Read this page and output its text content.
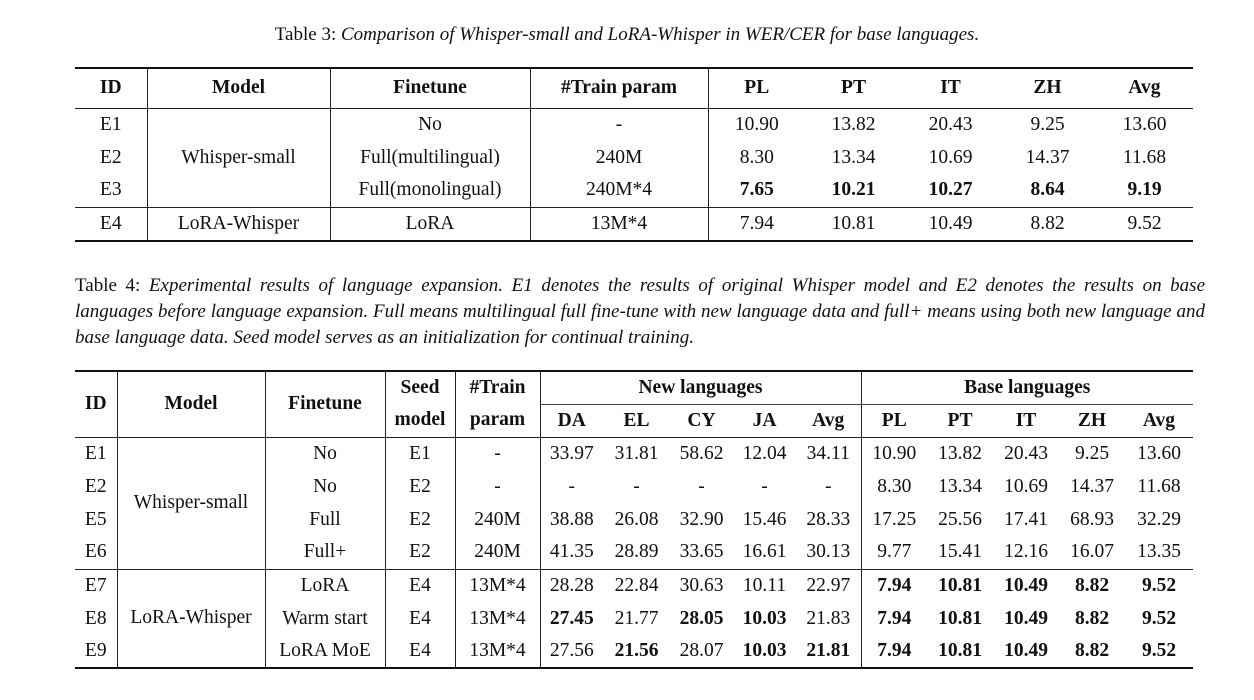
Table 3: Comparison of Whisper-small and LoRA-Whisper in WER/CER for base languages.
ID	Model	Finetune	#Train param	PL	PT	IT	ZH	Avg
E1	Whisper-small	No	-	10.90	13.82	20.43	9.25	13.60
E2		Full(multilingual)	240M	8.30	13.34	10.69	14.37	11.68
E3		Full(monolingual)	240M*4	7.65	10.21	10.27	8.64	9.19
E4	LoRA-Whisper	LoRA	13M*4	7.94	10.81	10.49	8.82	9.52
Table 4: Experimental results of language expansion. E1 denotes the results of original Whisper model and E2 denotes the results on base languages before language expansion. Full means multilingual full fine-tune with new language data and full+ means using both new language and base language data. Seed model serves as an initialization for continual training.
ID	Model	Finetune	Seed	#Train	New languages					Base languages				
			model	param	DA	EL	CY	JA	Avg	PL	PT	IT	ZH	Avg
E1	Whisper-small	No	E1	-	33.97	31.81	58.62	12.04	34.11	10.90	13.82	20.43	9.25	13.60
E2		No	E2	-	-	-	-	-	-	8.30	13.34	10.69	14.37	11.68
E5		Full	E2	240M	38.88	26.08	32.90	15.46	28.33	17.25	25.56	17.41	68.93	32.29
E6		Full+	E2	240M	41.35	28.89	33.65	16.61	30.13	9.77	15.41	12.16	16.07	13.35
E7	LoRA-Whisper	LoRA	E4	13M*4	28.28	22.84	30.63	10.11	22.97	7.94	10.81	10.49	8.82	9.52
E8		Warm start	E4	13M*4	27.45	21.77	28.05	10.03	21.83	7.94	10.81	10.49	8.82	9.52
E9		LoRA MoE	E4	13M*4	27.56	21.56	28.07	10.03	21.81	7.94	10.81	10.49	8.82	9.52
